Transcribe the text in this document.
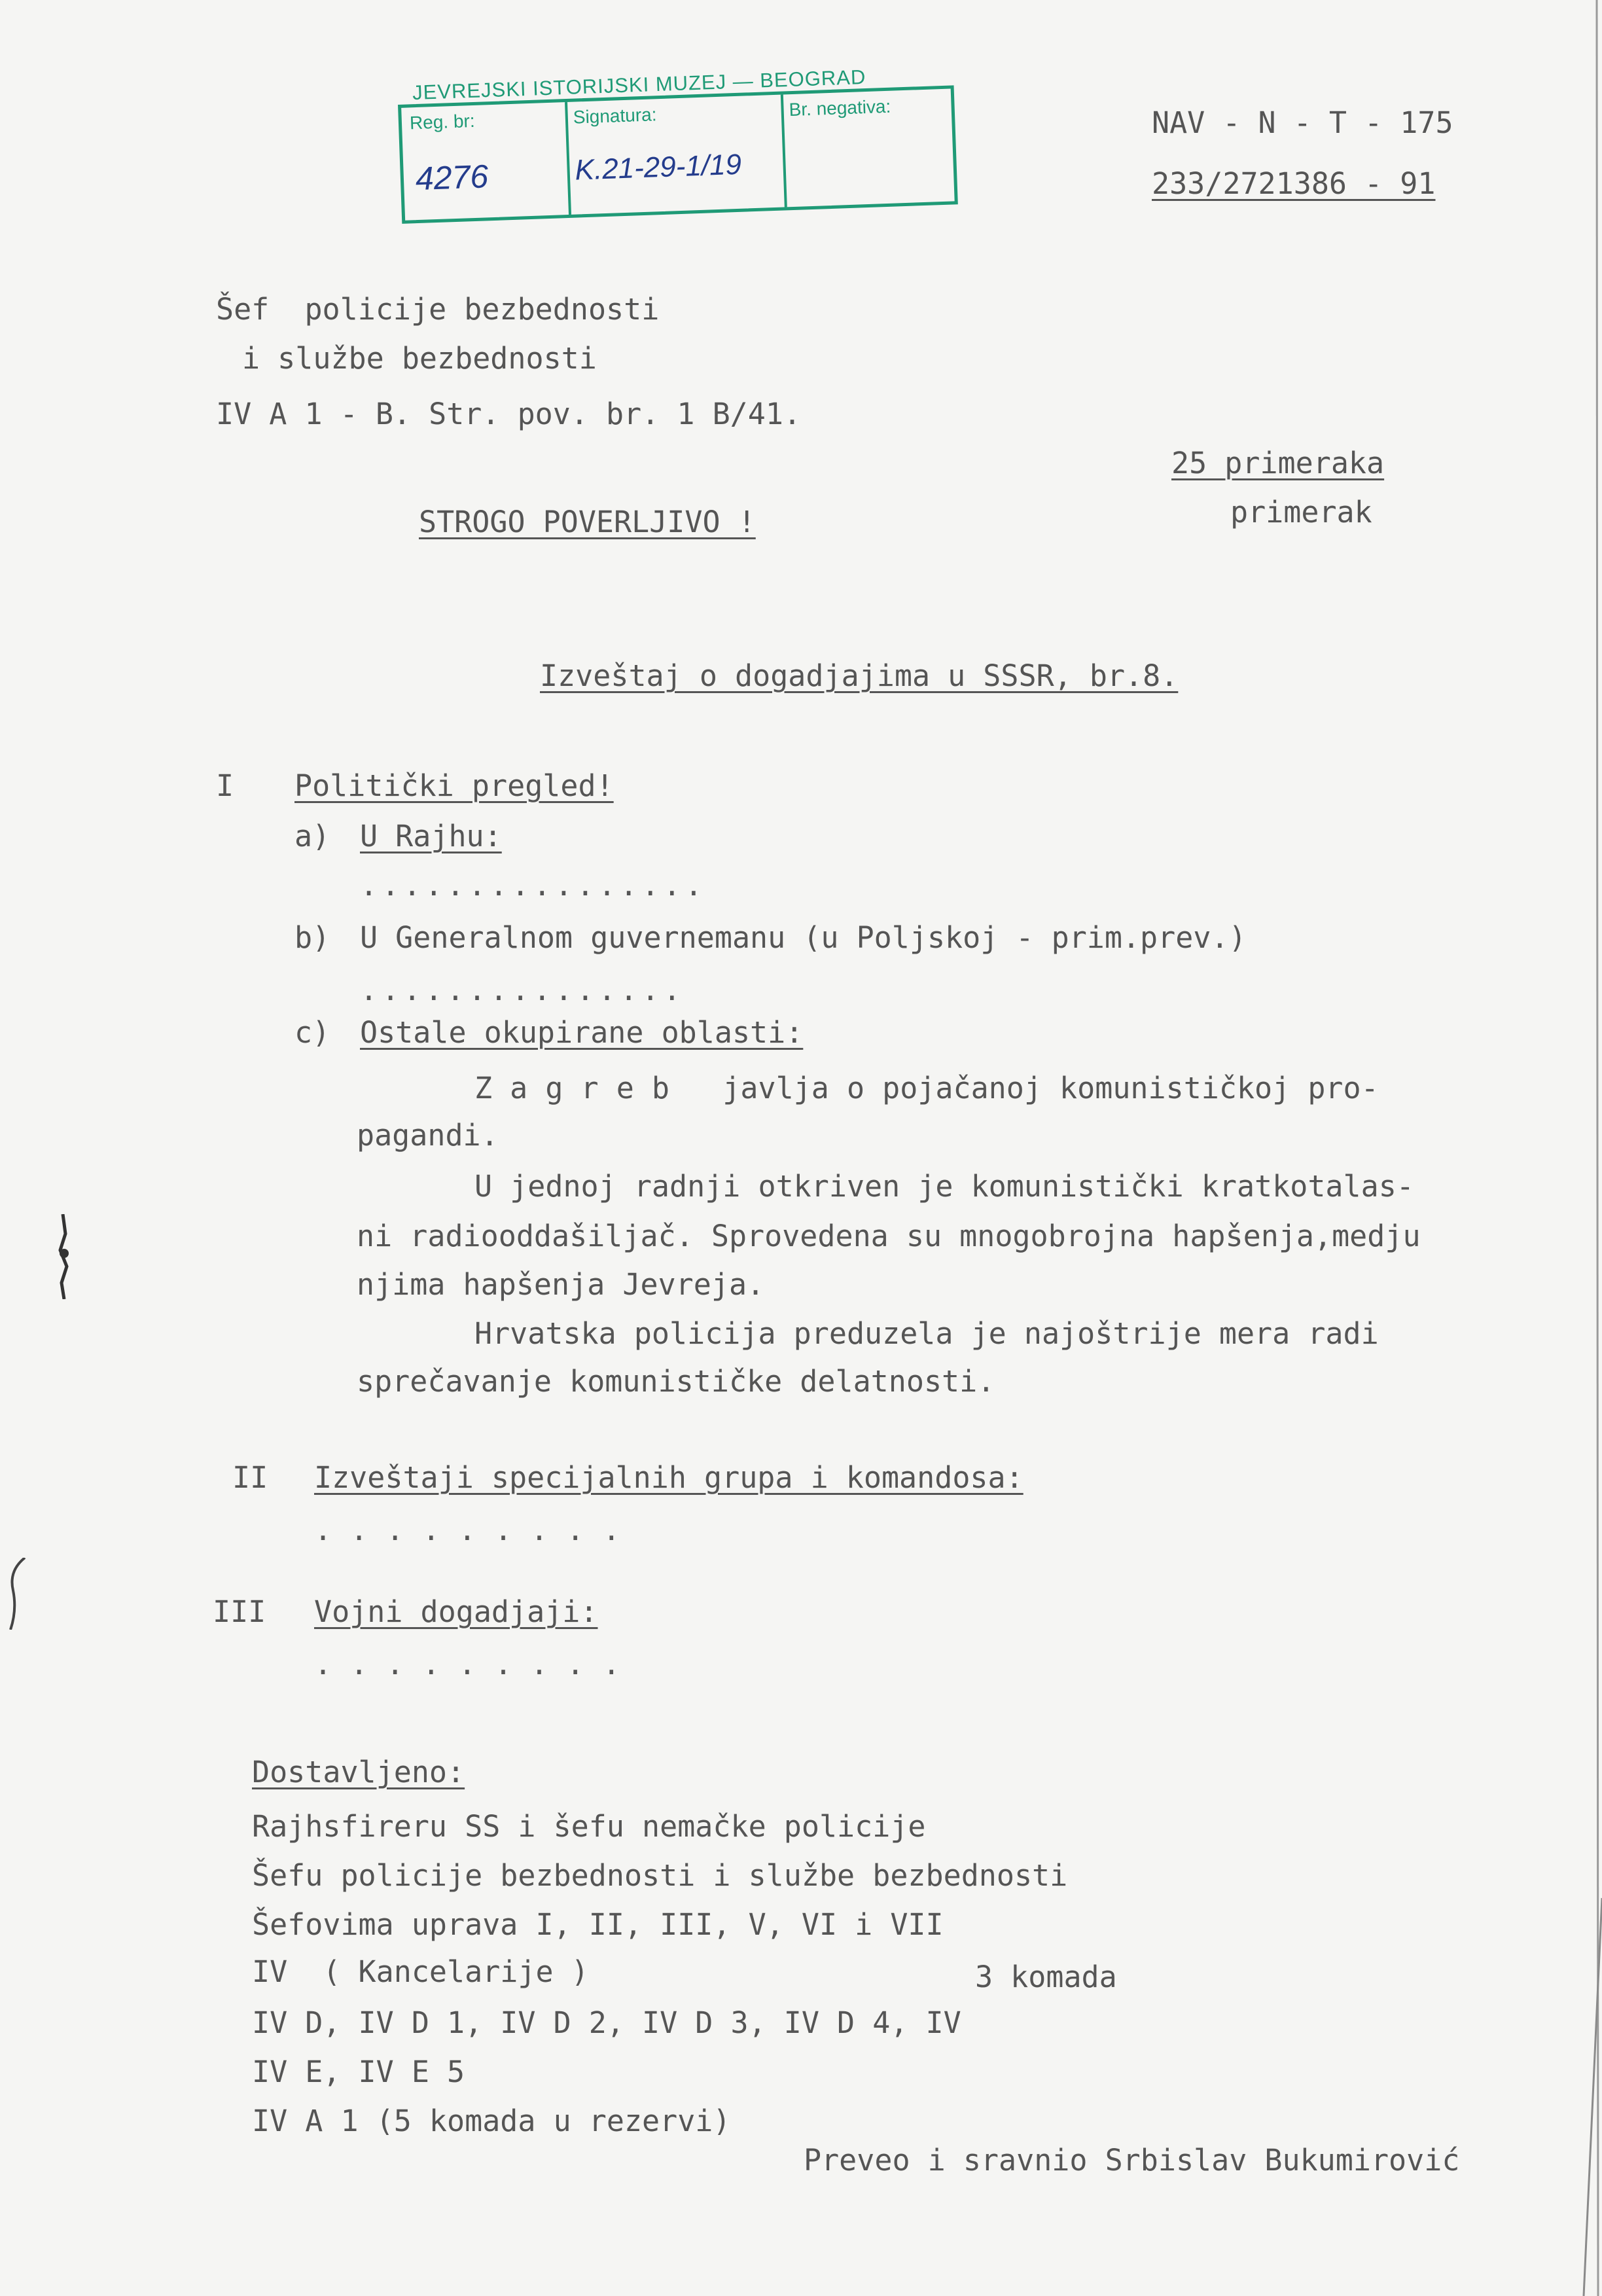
JEVREJSKI ISTORIJSKI MUZEJ — BEOGRAD
Reg. br:
4276
Signatura:
K.21-29-1/19
Br. negativa:	NAV - N - T - 175
233/2721386 - 91
Šef  policije bezbednosti
i službe bezbednosti
IV A 1 - B. Str. pov. br. 1 B/41.
25 primeraka
primerak
STROGO POVERLJIVO !
Izveštaj o dogadjajima u SSSR, br.8.
I Politički pregled!
a) U Rajhu:
................
b) U Generalnom guvernemanu (u Poljskoj - prim.prev.)
...............
c) Ostale okupirane oblasti:
Z a g r e b   javlja o pojačanoj komunističkoj pro-
pagandi.
U jednoj radnji otkriven je komunistički kratkotalas-
ni radiooddašiljač. Sprovedena su mnogobrojna hapšenja,medju
njima hapšenja Jevreja.
Hrvatska policija preduzela je najoštrije mera radi
sprečavanje komunističke delatnosti.
II Izveštaji specijalnih grupa i komandosa:
.........
III Vojni dogadjaji:
.........
Dostavljeno:
Rajhsfireru SS i šefu nemačke policije
Šefu policije bezbednosti i službe bezbednosti
Šefovima uprava I, II, III, V, VI i VII
IV  ( Kancelarije )	3 komada
IV D, IV D 1, IV D 2, IV D 3, IV D 4, IV
IV E, IV E 5
IV A 1 (5 komada u rezervi)
Preveo i sravnio Srbislav Bukumirović
